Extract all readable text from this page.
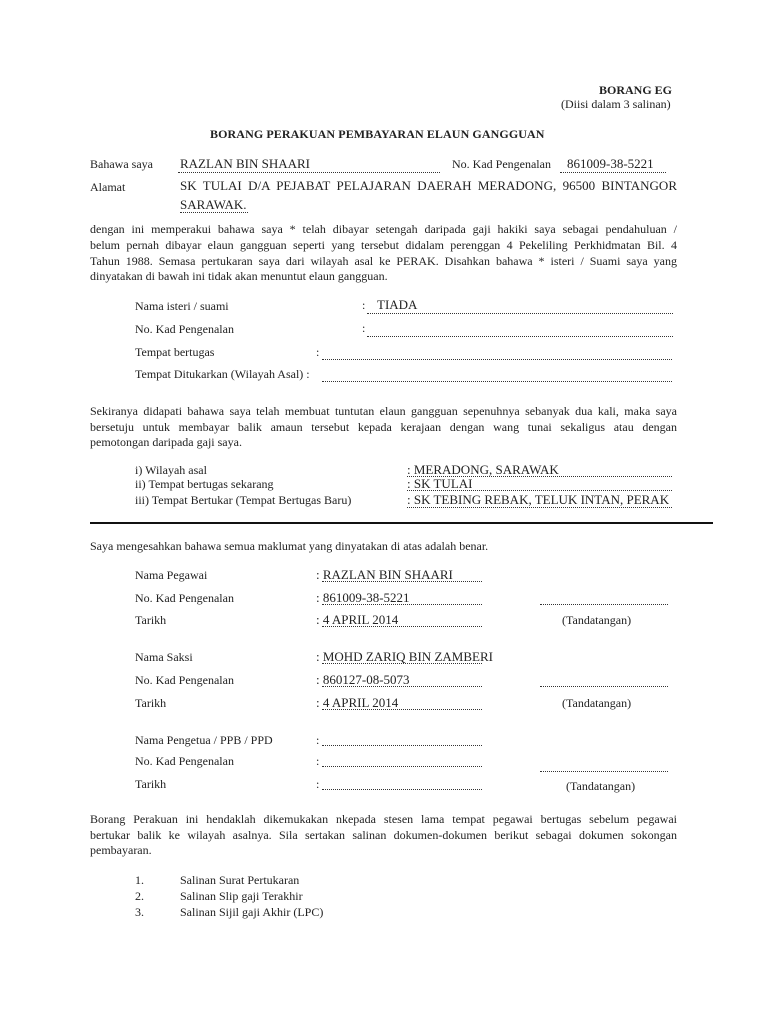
BORANG EG
(Diisi dalam 3 salinan)
BORANG PERAKUAN PEMBAYARAN ELAUN GANGGUAN
Bahawa saya RAZLAN BIN SHAARI	No. Kad Pengenalan 861009-38-5221
Alamat	SK TULAI D/A PEJABAT PELAJARAN DAERAH MERADONG, 96500 BINTANGOR
SARAWAK.
dengan ini memperakui bahawa saya * telah dibayar setengah daripada gaji hakiki saya sebagai pendahuluan /
belum pernah dibayar elaun gangguan seperti yang tersebut didalam perenggan 4 Pekeliling Perkhidmatan Bil. 4
Tahun 1988. Semasa pertukaran saya dari wilayah asal ke PERAK. Disahkan bahawa * isteri / Suami saya yang
dinyatakan di bawah ini tidak akan menuntut elaun gangguan.
Nama isteri / suami	: TIADA
No. Kad Pengenalan	:
Tempat bertugas	:
Tempat Ditukarkan (Wilayah Asal) :
Sekiranya didapati bahawa saya telah membuat tuntutan elaun gangguan sepenuhnya sebanyak dua kali, maka saya
bersetuju untuk membayar balik amaun tersebut kepada kerajaan dengan wang tunai sekaligus atau dengan
pemotongan daripada gaji saya.
i) Wilayah asal	: MERADONG, SARAWAK
ii) Tempat bertugas sekarang	: SK TULAI
iii) Tempat Bertukar (Tempat Bertugas Baru)	: SK TEBING REBAK, TELUK INTAN, PERAK
Saya mengesahkan bahawa semua maklumat yang dinyatakan di atas adalah benar.
Nama Pegawai	: RAZLAN BIN SHAARI
No. Kad Pengenalan	: 861009-38-5221
Tarikh	: 4 APRIL 2014	(Tandatangan)
Nama Saksi	: MOHD ZARIQ BIN ZAMBERI
No. Kad Pengenalan	: 860127-08-5073
Tarikh	: 4 APRIL 2014	(Tandatangan)
Nama Pengetua / PPB / PPD	:
No. Kad Pengenalan	:
Tarikh	:	(Tandatangan)
Borang Perakuan ini hendaklah dikemukakan nkepada stesen lama tempat pegawai bertugas sebelum pegawai
bertukar balik ke wilayah asalnya. Sila sertakan salinan dokumen-dokumen berikut sebagai dokumen sokongan
pembayaran.
1.	Salinan Surat Pertukaran
2.	Salinan Slip gaji Terakhir
3.	Salinan Sijil gaji Akhir (LPC)
